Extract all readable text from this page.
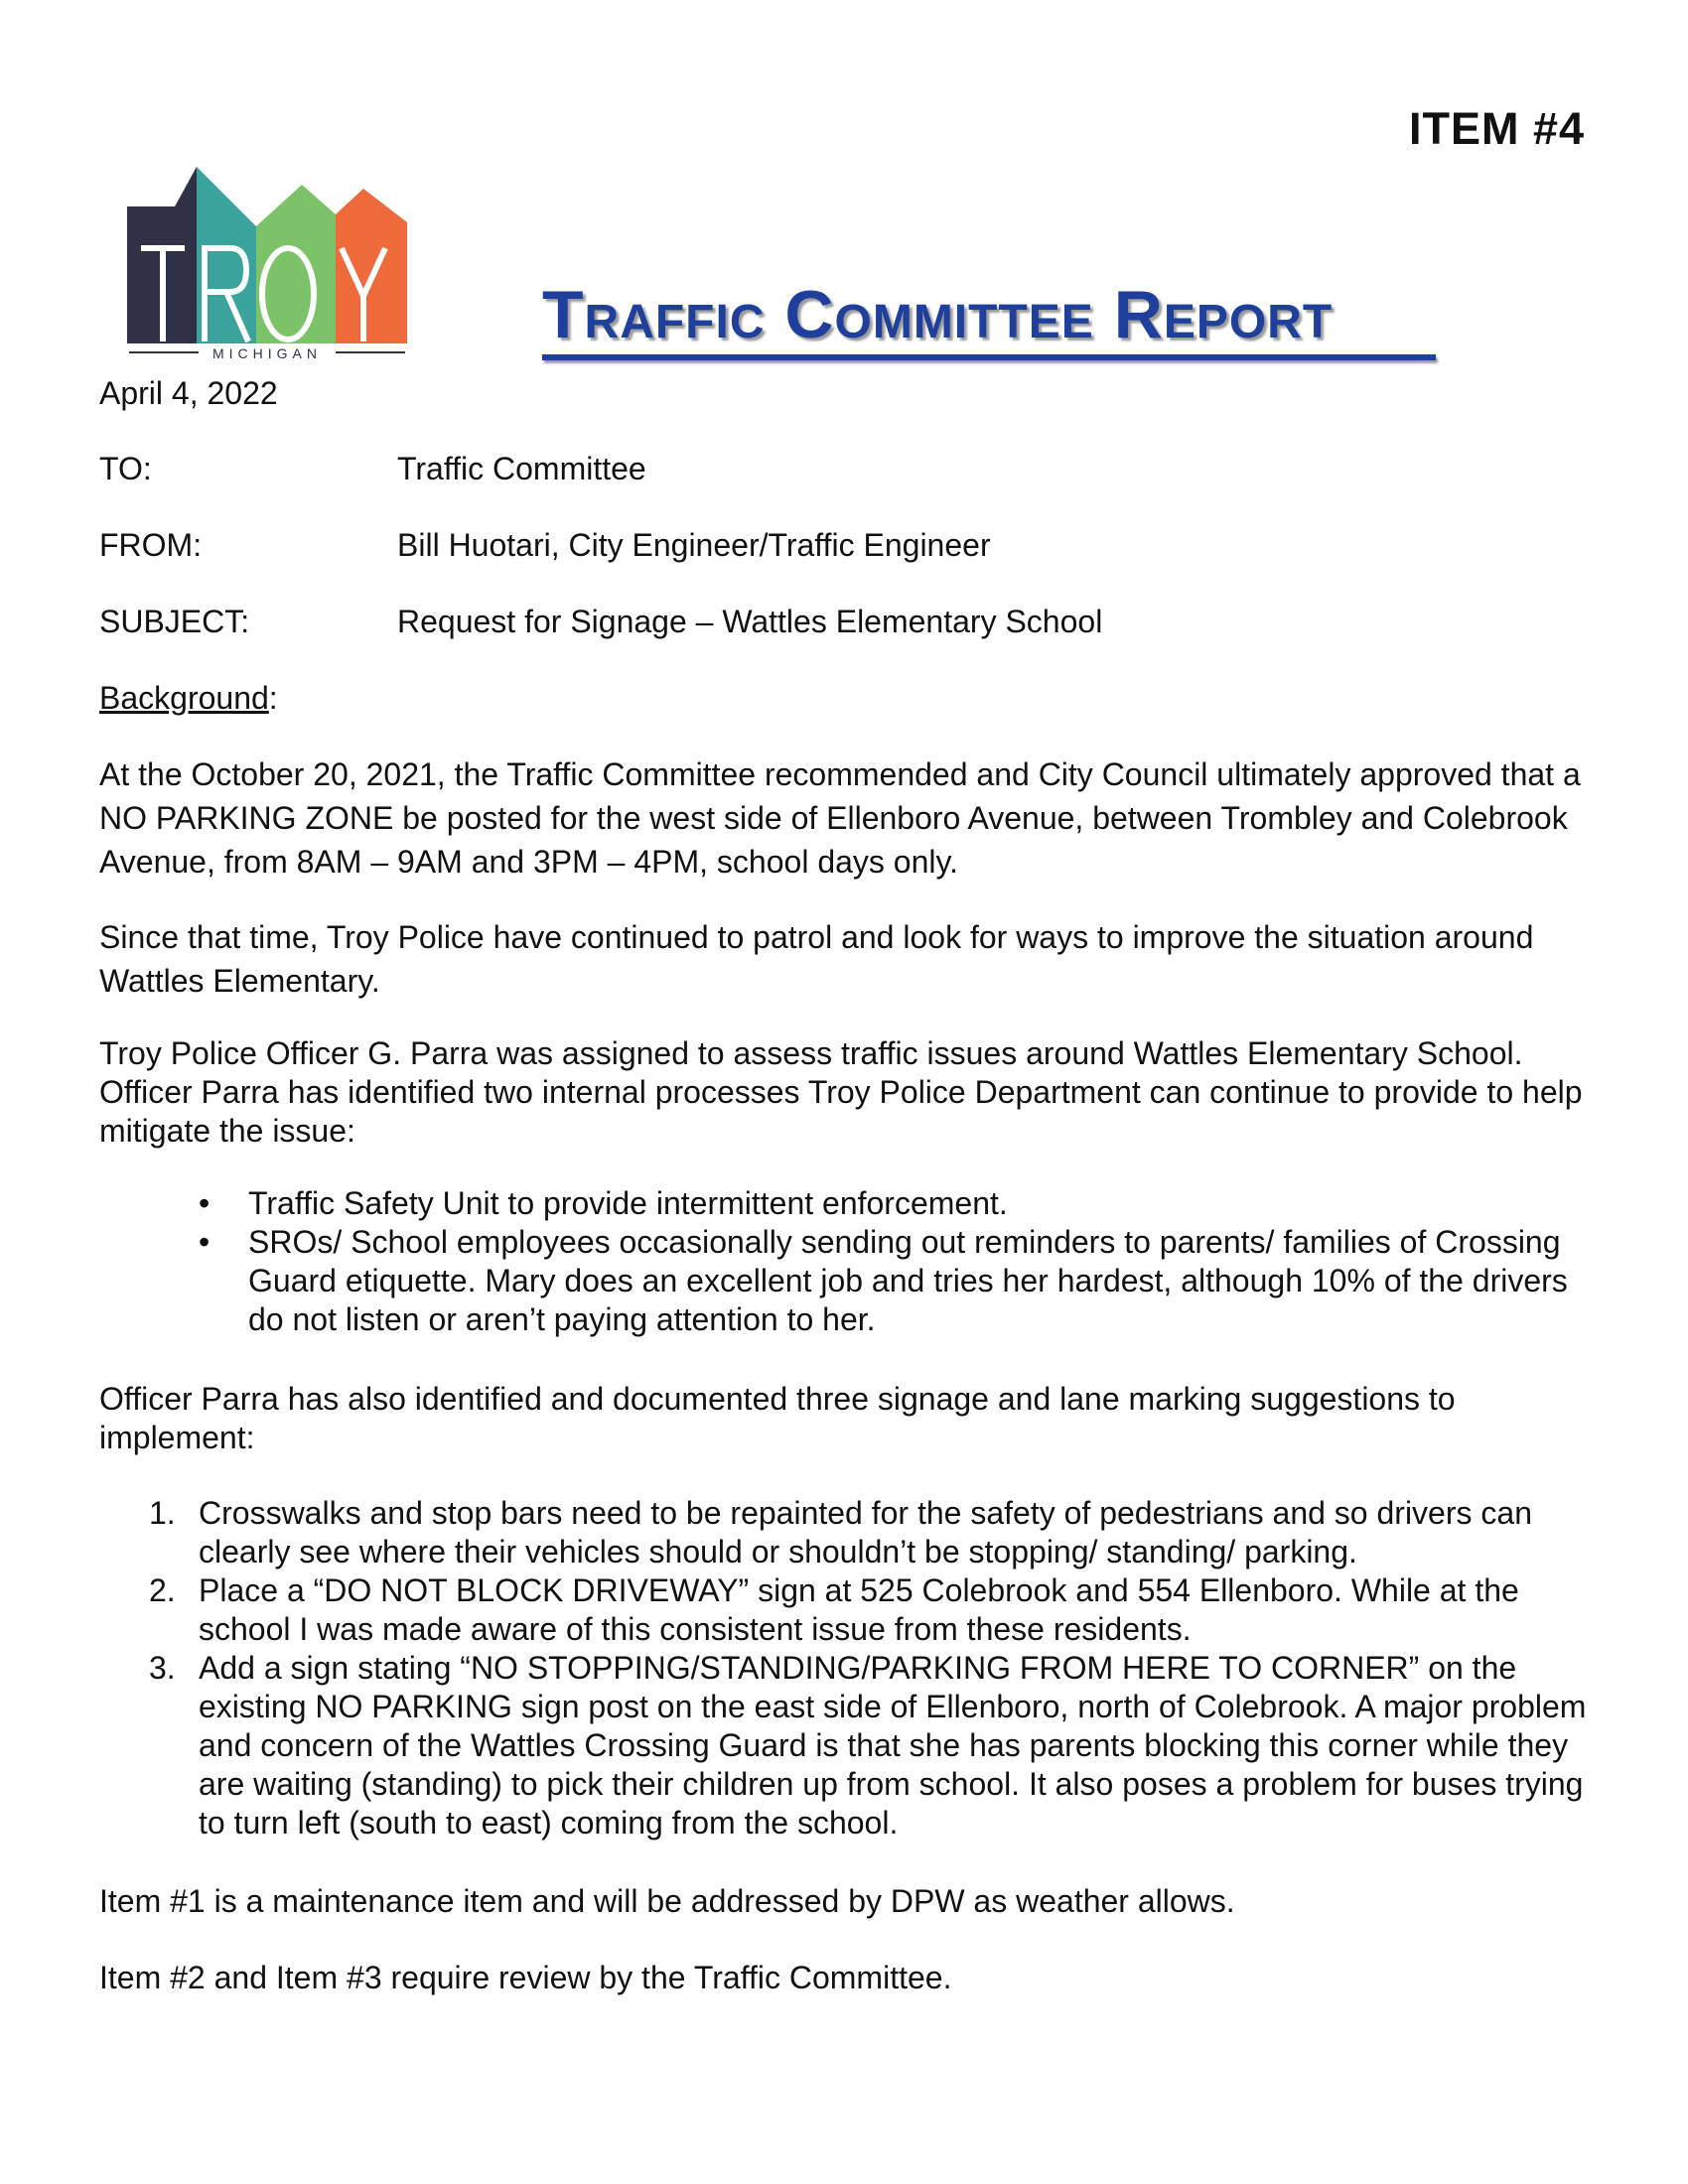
ITEM #4
MICHIGAN
Traffic Committee Report
April 4, 2022
TO:	Traffic Committee
FROM:	Bill Huotari, City Engineer/Traffic Engineer
SUBJECT:	Request for Signage – Wattles Elementary School
Background:

At the October 20, 2021, the Traffic Committee recommended and City Council ultimately approved that a NO PARKING ZONE be posted for the west side of Ellenboro Avenue, between Trombley and Colebrook Avenue, from 8AM – 9AM and 3PM – 4PM, school days only.

Since that time, Troy Police have continued to patrol and look for ways to improve the situation around Wattles Elementary.

Troy Police Officer G. Parra was assigned to assess traffic issues around Wattles Elementary School. Officer Parra has identified two internal processes Troy Police Department can continue to provide to help mitigate the issue:

• Traffic Safety Unit to provide intermittent enforcement.
• SROs/ School employees occasionally sending out reminders to parents/ families of Crossing Guard etiquette. Mary does an excellent job and tries her hardest, although 10% of the drivers do not listen or aren’t paying attention to her.

Officer Parra has also identified and documented three signage and lane marking suggestions to implement:

1. Crosswalks and stop bars need to be repainted for the safety of pedestrians and so drivers can clearly see where their vehicles should or shouldn’t be stopping/ standing/ parking.
2. Place a “DO NOT BLOCK DRIVEWAY” sign at 525 Colebrook and 554 Ellenboro. While at the school I was made aware of this consistent issue from these residents.
3. Add a sign stating “NO STOPPING/STANDING/PARKING FROM HERE TO CORNER” on the existing NO PARKING sign post on the east side of Ellenboro, north of Colebrook. A major problem and concern of the Wattles Crossing Guard is that she has parents blocking this corner while they are waiting (standing) to pick their children up from school. It also poses a problem for buses trying to turn left (south to east) coming from the school.

Item #1 is a maintenance item and will be addressed by DPW as weather allows.

Item #2 and Item #3 require review by the Traffic Committee.
